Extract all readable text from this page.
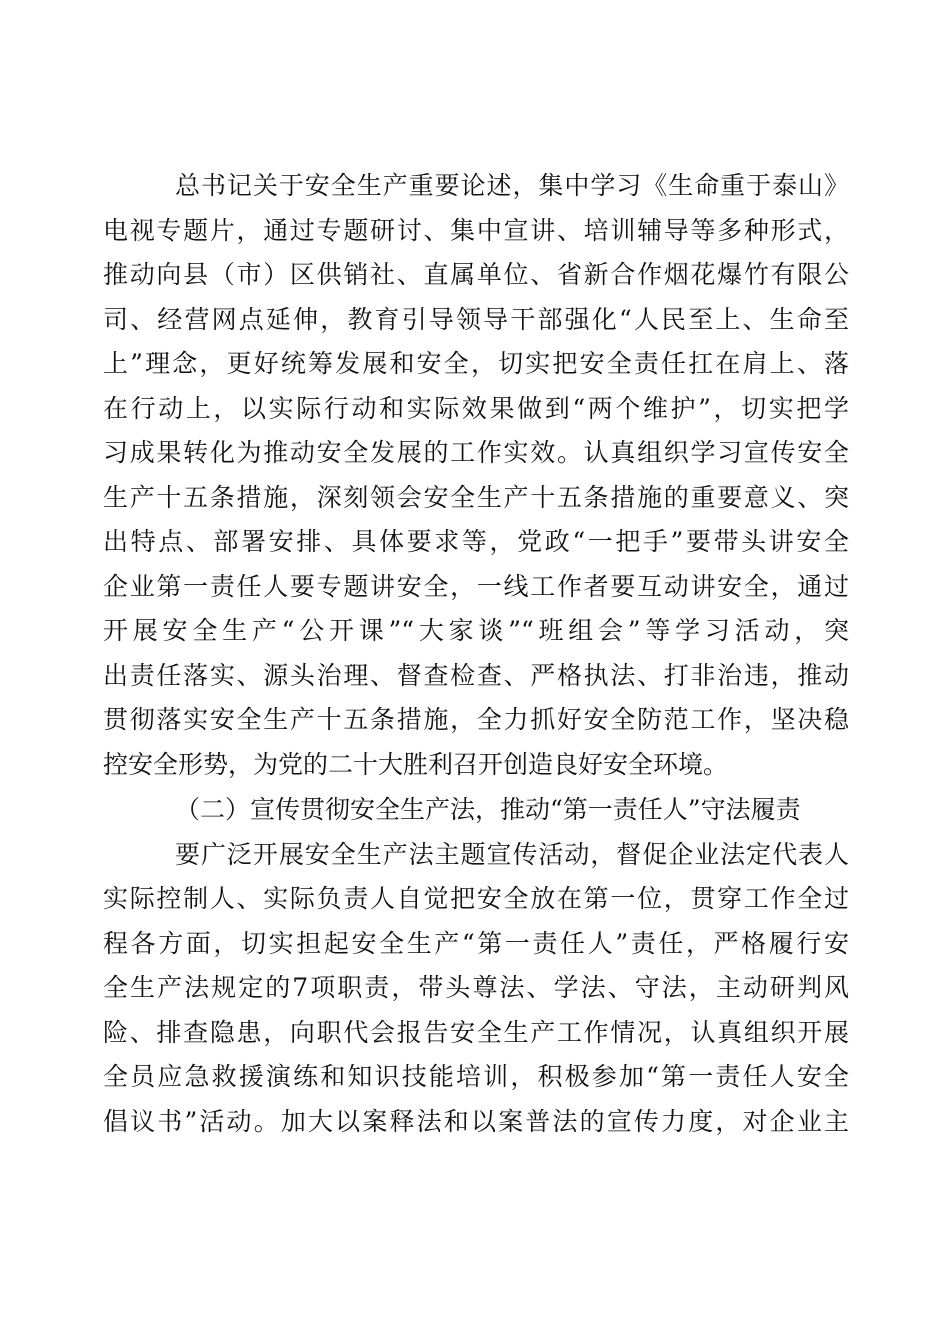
总书记关于安全生产重要论述，集中学习《生命重于泰山》
电视专题片，通过专题研讨、集中宣讲、培训辅导等多种形式，
推动向县（市）区供销社、直属单位、省新合作烟花爆竹有限公
司、经营网点延伸，教育引导领导干部强化“人民至上、生命至
上”理念，更好统筹发展和安全，切实把安全责任扛在肩上、落
在行动上，以实际行动和实际效果做到“两个维护”，切实把学
习成果转化为推动安全发展的工作实效。认真组织学习宣传安全
生产十五条措施，深刻领会安全生产十五条措施的重要意义、突
出特点、部署安排、具体要求等，党政“一把手”要带头讲安全
企业第一责任人要专题讲安全，一线工作者要互动讲安全，通过
开展安全生产“公开课”“大家谈”“班组会”等学习活动，突
出责任落实、源头治理、督查检查、严格执法、打非治违，推动
贯彻落实安全生产十五条措施，全力抓好安全防范工作，坚决稳
控安全形势，为党的二十大胜利召开创造良好安全环境。
（二）宣传贯彻安全生产法，推动“第一责任人”守法履责
要广泛开展安全生产法主题宣传活动，督促企业法定代表人
实际控制人、实际负责人自觉把安全放在第一位，贯穿工作全过
程各方面，切实担起安全生产“第一责任人”责任，严格履行安
全生产法规定的7项职责，带头尊法、学法、守法，主动研判风
险、排查隐患，向职代会报告安全生产工作情况，认真组织开展
全员应急救援演练和知识技能培训，积极参加“第一责任人安全
倡议书”活动。加大以案释法和以案普法的宣传力度，对企业主
